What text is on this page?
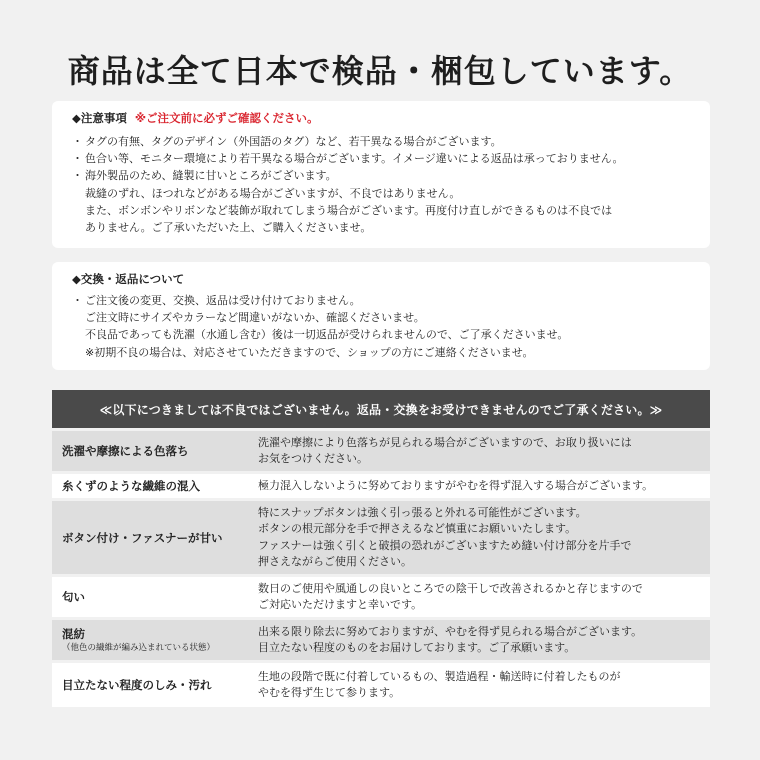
商品は全て日本で検品・梱包しています。
◆注意事項 ※ご注文前に必ずご確認ください。
・ タグの有無、タグのデザイン（外国語のタグ）など、若干異なる場合がございます。
・ 色合い等、モニター環境により若干異なる場合がございます。イメージ違いによる返品は承っておりません。
・ 海外製品のため、縫製に甘いところがございます。
裁縫のずれ、ほつれなどがある場合がございますが、不良ではありません。
また、ボンボンやリボンなど装飾が取れてしまう場合がございます。再度付け直しができるものは不良では
ありません。ご了承いただいた上、ご購入くださいませ。
◆交換・返品について
・ ご注文後の変更、交換、返品は受け付けておりません。
ご注文時にサイズやカラーなど間違いがないか、確認くださいませ。
不良品であっても洗濯（水通し含む）後は一切返品が受けられませんので、ご了承くださいませ。
※初期不良の場合は、対応させていただきますので、ショップの方にご連絡くださいませ。
≪以下につきましては不良ではございません。返品・交換をお受けできませんのでご了承ください。≫
洗濯や摩擦による色落ち
洗濯や摩擦により色落ちが見られる場合がございますので、お取り扱いには
お気をつけください。
糸くずのような繊維の混入	極力混入しないように努めておりますがやむを得ず混入する場合がございます。
ボタン付け・ファスナーが甘い
特にスナップボタンは強く引っ張ると外れる可能性がございます。
ボタンの根元部分を手で押さえるなど慎重にお願いいたします。
ファスナーは強く引くと破損の恐れがございますため縫い付け部分を片手で
押さえながらご使用ください。
匂い
数日のご使用や風通しの良いところでの陰干しで改善されるかと存じますので
ご対応いただけますと幸いです。
混紡
（他色の繊維が編み込まれている状態）
出来る限り除去に努めておりますが、やむを得ず見られる場合がございます。
目立たない程度のものをお届けしております。ご了承願います。
目立たない程度のしみ・汚れ
生地の段階で既に付着しているもの、製造過程・輸送時に付着したものが
やむを得ず生じて参ります。
